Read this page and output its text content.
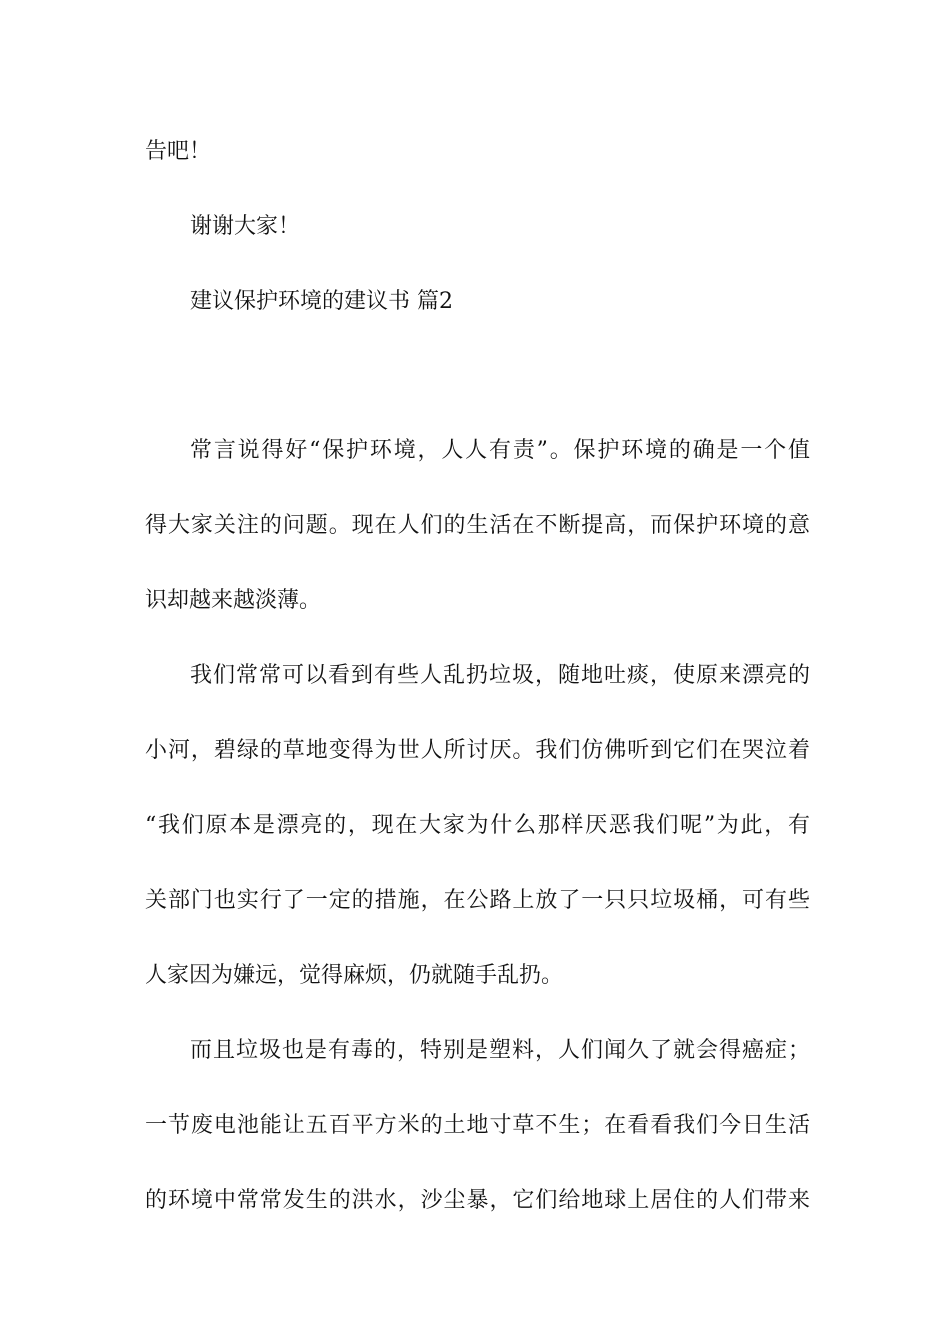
告吧！
谢谢大家！
建议保护环境的建议书 篇2
常言说得好“保护环境，人人有责”。保护环境的确是一个值
得大家关注的问题。现在人们的生活在不断提高，而保护环境的意
识却越来越淡薄。
我们常常可以看到有些人乱扔垃圾，随地吐痰，使原来漂亮的
小河，碧绿的草地变得为世人所讨厌。我们仿佛听到它们在哭泣着
“我们原本是漂亮的，现在大家为什么那样厌恶我们呢”为此，有
关部门也实行了一定的措施，在公路上放了一只只垃圾桶，可有些
人家因为嫌远，觉得麻烦，仍就随手乱扔。
而且垃圾也是有毒的，特别是塑料，人们闻久了就会得癌症；
一节废电池能让五百平方米的土地寸草不生；在看看我们今日生活
的环境中常常发生的洪水，沙尘暴，它们给地球上居住的人们带来
